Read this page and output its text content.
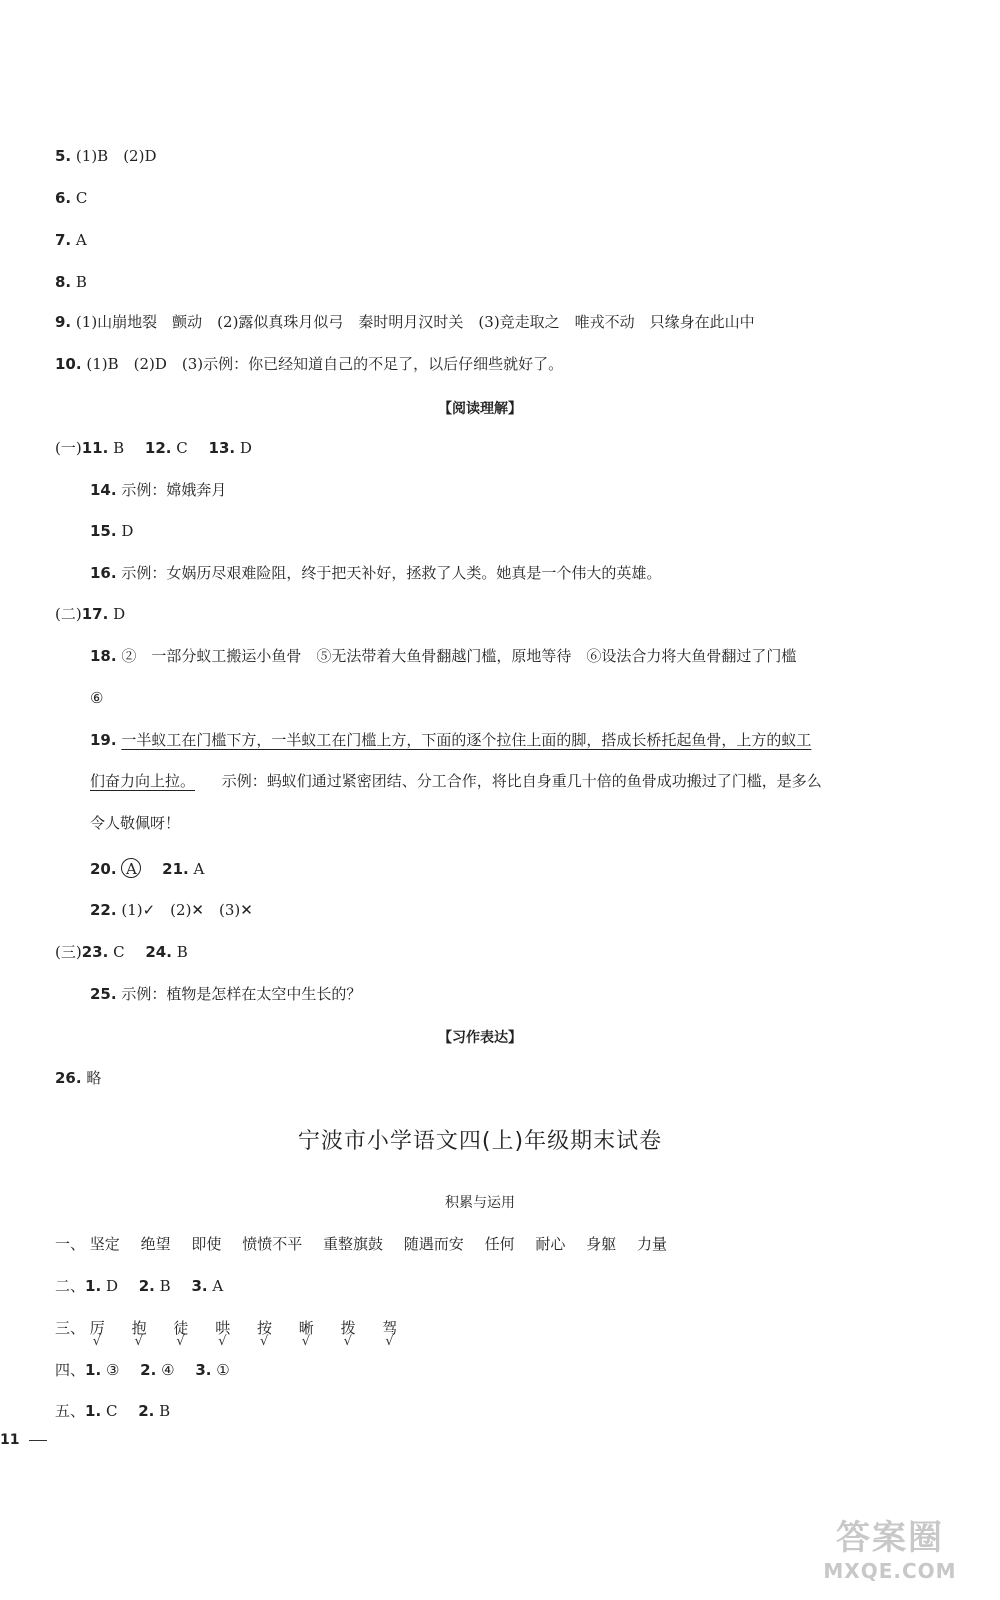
5. (1)B　(2)D
6. C
7. A
8. B
9. (1)山崩地裂　颤动　(2)露似真珠月似弓　秦时明月汉时关　(3)竞走取之　唯戎不动　只缘身在此山中
10. (1)B　(2)D　(3)示例：你已经知道自己的不足了，以后仔细些就好了。
【阅读理解】
(一)11. B 12. C 13. D
14. 示例：嫦娥奔月
15. D
16. 示例：女娲历尽艰难险阻，终于把天补好，拯救了人类。她真是一个伟大的英雄。
(二)17. D
18. ②　一部分蚁工搬运小鱼骨　⑤无法带着大鱼骨翻越门槛，原地等待　⑥设法合力将大鱼骨翻过了门槛
⑥
19. 一半蚁工在门槛下方，一半蚁工在门槛上方，下面的逐个拉住上面的脚，搭成长桥托起鱼骨，上方的蚁工
们奋力向上拉。 示例：蚂蚁们通过紧密团结、分工合作，将比自身重几十倍的鱼骨成功搬过了门槛，是多么
令人敬佩呀！
20. A 21. A
22. (1)✓　(2)✕　(3)✕
(三)23. C 24. B
25. 示例：植物是怎样在太空中生长的？
【习作表达】
26. 略
宁波市小学语文四(上)年级期末试卷
积累与运用
一、 坚定 绝望 即使 愤愤不平 重整旗鼓 随遇而安 任何 耐心 身躯 力量
二、1. D 2. B 3. A
三、 厉 √ 抱 √ 徒 √ 哄 √ 按 √ 晰 √ 拨 √ 驾 √
四、1. ③ 2. ④ 3. ①
五、1. C 2. B
11
答案圈
MXQE.COM
